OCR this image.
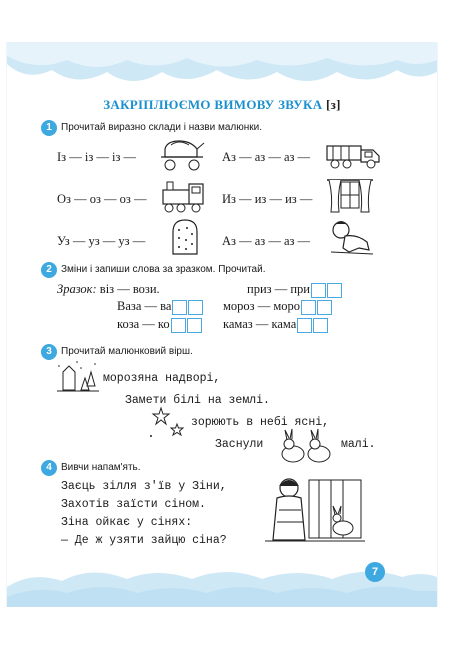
ЗАКРІПЛЮЄМО ВИМОВУ ЗВУКА [з]
1 Прочитай виразно склади і назви малюнки.
Із — із — із —	Аз — аз — аз —
Оз — оз — оз —	Из — из — из —
Уз — уз — уз —	Аз — аз — аз —
2 Зміни і запиши слова за зразком. Прочитай.
Зразок: віз — вози.
Ваза — ва
коза — ко
приз — при
мороз — моро
камаз — кама
3 Прочитай малюнковий вірш.
морозяна надворі,
Замети білі на землі.
зорюють в небі ясні,
Заснули	малі.
4 Вивчи напам'ять.
Заєць зілля з'їв у Зіни,
Захотів заїсти сіном.
Зіна ойкає у сінях:
— Де ж узяти зайцю сіна?
7
